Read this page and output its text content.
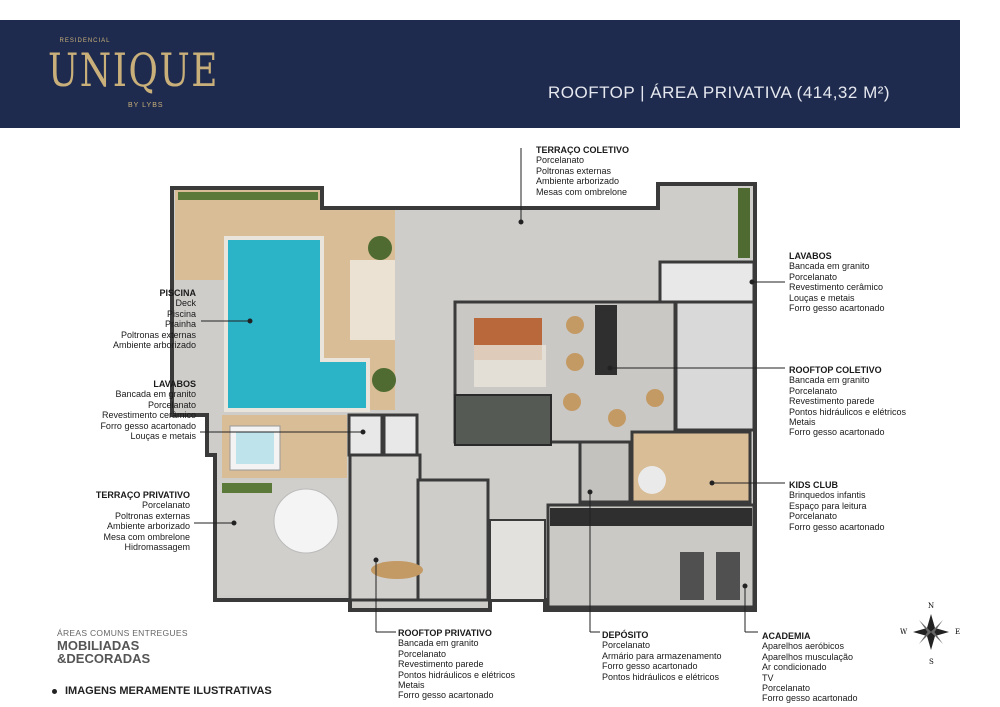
RESIDENCIAL
UNIQUE
BY LYBS
ROOFTOP | ÁREA PRIVATIVA (414,32 M²)
N
S
E
W
TERRAÇO COLETIVO
Porcelanato
Poltronas externas
Ambiente arborizado
Mesas com ombrelone
LAVABOS
Bancada em granito
Porcelanato
Revestimento cerâmico
Louças e metais
Forro gesso acartonado
PISCINA
Deck
Piscina
Prainha
Poltronas externas
Ambiente arborizado
ROOFTOP COLETIVO
Bancada em granito
Porcelanato
Revestimento parede
Pontos hidráulicos e elétricos
Metais
Forro gesso acartonado
LAVABOS
Bancada em granito
Porcelanato
Revestimento cerâmico
Forro gesso acartonado
Louças e metais
KIDS CLUB
Brinquedos infantis
Espaço para leitura
Porcelanato
Forro gesso acartonado
TERRAÇO PRIVATIVO
Porcelanato
Poltronas externas
Ambiente arborizado
Mesa com ombrelone
Hidromassagem
ROOFTOP PRIVATIVO
Bancada em granito
Porcelanato
Revestimento parede
Pontos hidráulicos e elétricos
Metais
Forro gesso acartonado
DEPÓSITO
Porcelanato
Armário para armazenamento
Forro gesso acartonado
Pontos hidráulicos e elétricos
ACADEMIA
Aparelhos aeróbicos
Aparelhos musculação
Ar condicionado
TV
Porcelanato
Forro gesso acartonado
ÁREAS COMUNS ENTREGUES
MOBILIADAS
&DECORADAS
IMAGENS MERAMENTE ILUSTRATIVAS
